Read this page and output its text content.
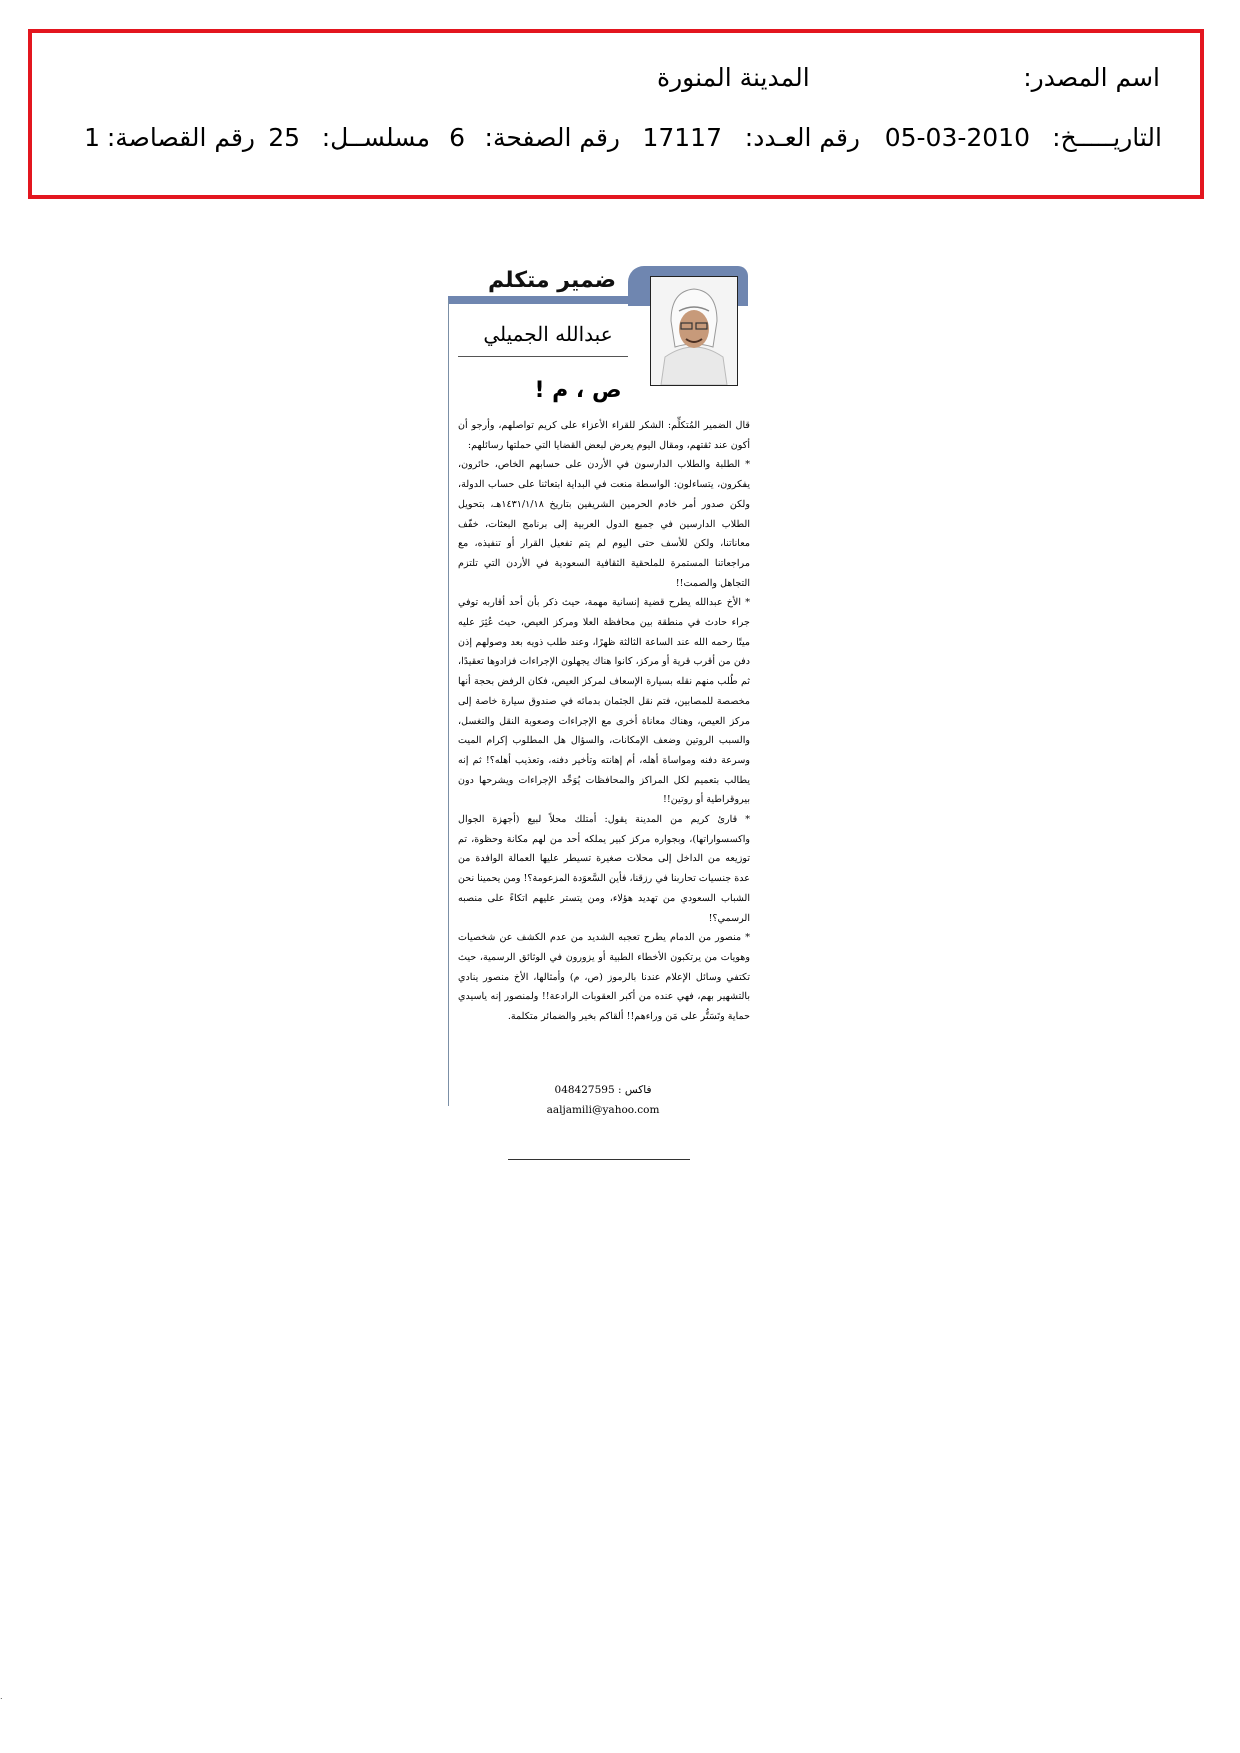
اسم المصدر:
المدينة المنورة
التاريـــــخ:
05-03-2010
رقم العـدد:
17117
رقم الصفحة:
6
مسلســل:
25
رقم القصاصة:
1
ضمير متكلم
عبدالله الجميلي
ص ، م !

قال الضمير المُتكلِّم: الشكر للقراء الأعزاء على كريم تواصلهم، وأرجو أن أكون عند ثقتهم، ومقال اليوم يعرض لبعض القضايا التي حملتها رسائلهم:

* الطلبة والطلاب الدارسون في الأردن على حسابهم الخاص، حائرون، يفكرون، يتساءلون: الواسطة منعت في البداية ابتعاثنا على حساب الدولة، ولكن صدور أمر خادم الحرمين الشريفين بتاريخ ١٤٣١/١/١٨هـ، بتحويل الطلاب الدارسين في جميع الدول العربية إلى برنامج البعثات، خفّف معاناتنا، ولكن للأسف حتى اليوم لم يتم تفعيل القرار أو تنفيذه، مع مراجعاتنا المستمرة للملحقية الثقافية السعودية في الأردن التي تلتزم التجاهل والصمت!!

* الأخ عبدالله يطرح قضية إنسانية مهمة، حيث ذكر بأن أحد أقاربه توفي جراء حادث في منطقة بين محافظة العلا ومركز العيص، حيث عُثِرَ عليه ميتًا رحمه الله عند الساعة الثالثة ظهرًا، وعند طلب ذويه بعد وصولهم إذن دفن من أقرب قرية أو مركز، كانوا هناك يجهلون الإجراءات فزادوها تعقيدًا، ثم طُلب منهم نقله بسيارة الإسعاف لمركز العيص، فكان الرفض بحجة أنها مخصصة للمصابين، فتم نقل الجثمان بدمائه في صندوق سيارة خاصة إلى مركز العيص، وهناك معاناة أخرى مع الإجراءات وصعوبة النقل والتغسل، والسبب الروتين وضعف الإمكانات، والسؤال هل المطلوب إكرام الميت وسرعة دفنه ومواساة أهله، أم إهانته وتأخير دفنه، وتعذيب أهله؟! ثم إنه يطالب بتعميم لكل المراكز والمحافظات يُوَحِّد الإجراءات ويشرحها دون بيروقراطية أو روتين!!

* قارئ كريم من المدينة يقول: أمتلك محلاً لبيع (أجهزة الجوال واكسسواراتها)، وبجواره مركز كبير يملكه أحد من لهم مكانة وحظوة، تم توزيعه من الداخل إلى محلات صغيرة تسيطر عليها العمالة الوافدة من عدة جنسيات تحاربنا في رزقنا، فأين السَّعوَدة المزعومة؟! ومن يحمينا نحن الشباب السعودي من تهديد هؤلاء، ومن يتستر عليهم اتكاءً على منصبه الرسمي؟!

* منصور من الدمام يطرح تعجبه الشديد من عدم الكشف عن شخصيات وهويات من يرتكبون الأخطاء الطبية أو يزورون في الوثائق الرسمية، حيث تكتفي وسائل الإعلام عندنا بالرموز (ص، م) وأمثالها، الأخ منصور ينادي بالتشهير بهم، فهي عنده من أكبر العقوبات الرادعة!! ولمنصور إنه ياسيدي حماية وتَسَتُّر على مَن وراءهم!! ألقاكم بخير والضمائر متكلمة.

فاكس : 048427595
aaljamili@yahoo.com
.
